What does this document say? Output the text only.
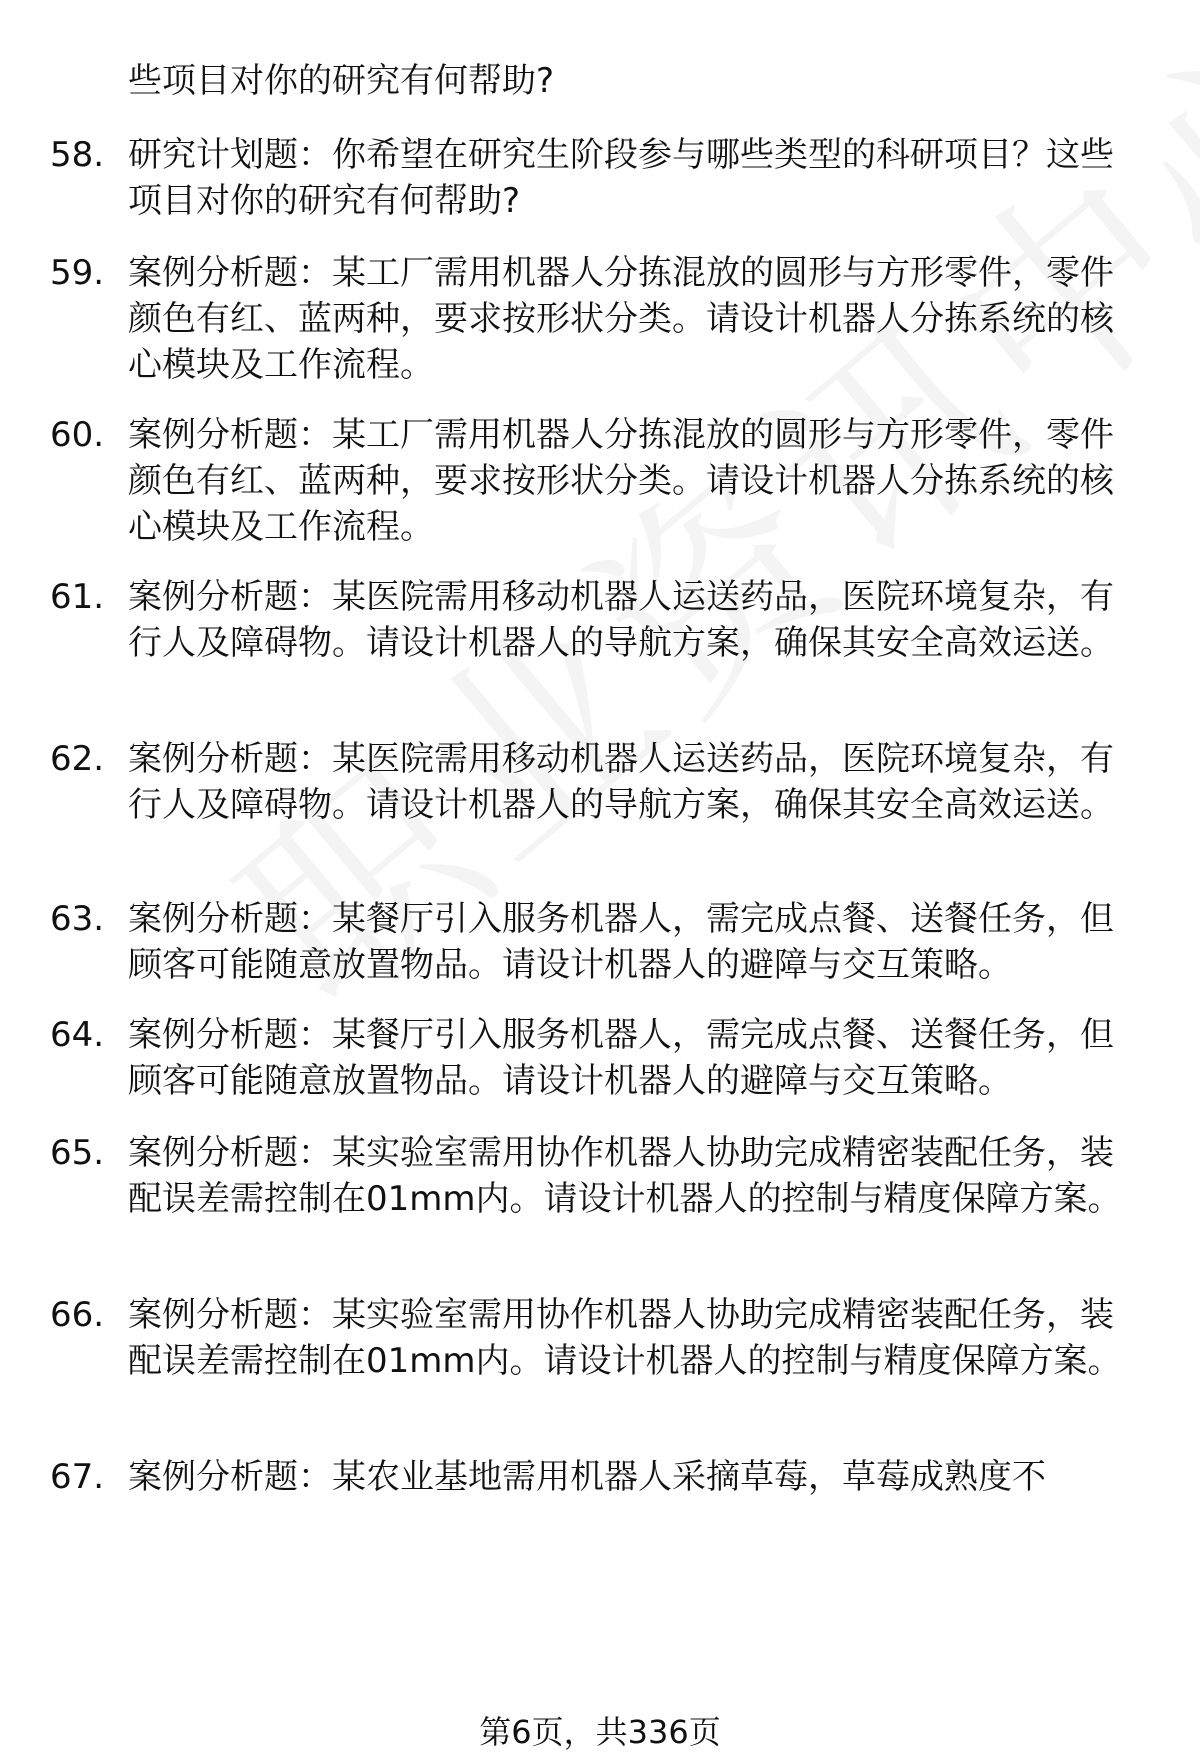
些项目对你的研究有何帮助?
58. 研究计划题：你希望在研究生阶段参与哪些类型的科研项目？这些项目对你的研究有何帮助?
59. 案例分析题：某工厂需用机器人分拣混放的圆形与方形零件，零件颜色有红、蓝两种，要求按形状分类。请设计机器人分拣系统的核心模块及工作流程。
60. 案例分析题：某工厂需用机器人分拣混放的圆形与方形零件，零件颜色有红、蓝两种，要求按形状分类。请设计机器人分拣系统的核心模块及工作流程。
61. 案例分析题：某医院需用移动机器人运送药品，医院环境复杂，有行人及障碍物。请设计机器人的导航方案，确保其安全高效运送。
62. 案例分析题：某医院需用移动机器人运送药品，医院环境复杂，有行人及障碍物。请设计机器人的导航方案，确保其安全高效运送。
63. 案例分析题：某餐厅引入服务机器人，需完成点餐、送餐任务，但顾客可能随意放置物品。请设计机器人的避障与交互策略。
64. 案例分析题：某餐厅引入服务机器人，需完成点餐、送餐任务，但顾客可能随意放置物品。请设计机器人的避障与交互策略。
65. 案例分析题：某实验室需用协作机器人协助完成精密装配任务，装配误差需控制在01mm内。请设计机器人的控制与精度保障方案。
66. 案例分析题：某实验室需用协作机器人协助完成精密装配任务，装配误差需控制在01mm内。请设计机器人的控制与精度保障方案。
67. 案例分析题：某农业基地需用机器人采摘草莓，草莓成熟度不
第6页，共336页
